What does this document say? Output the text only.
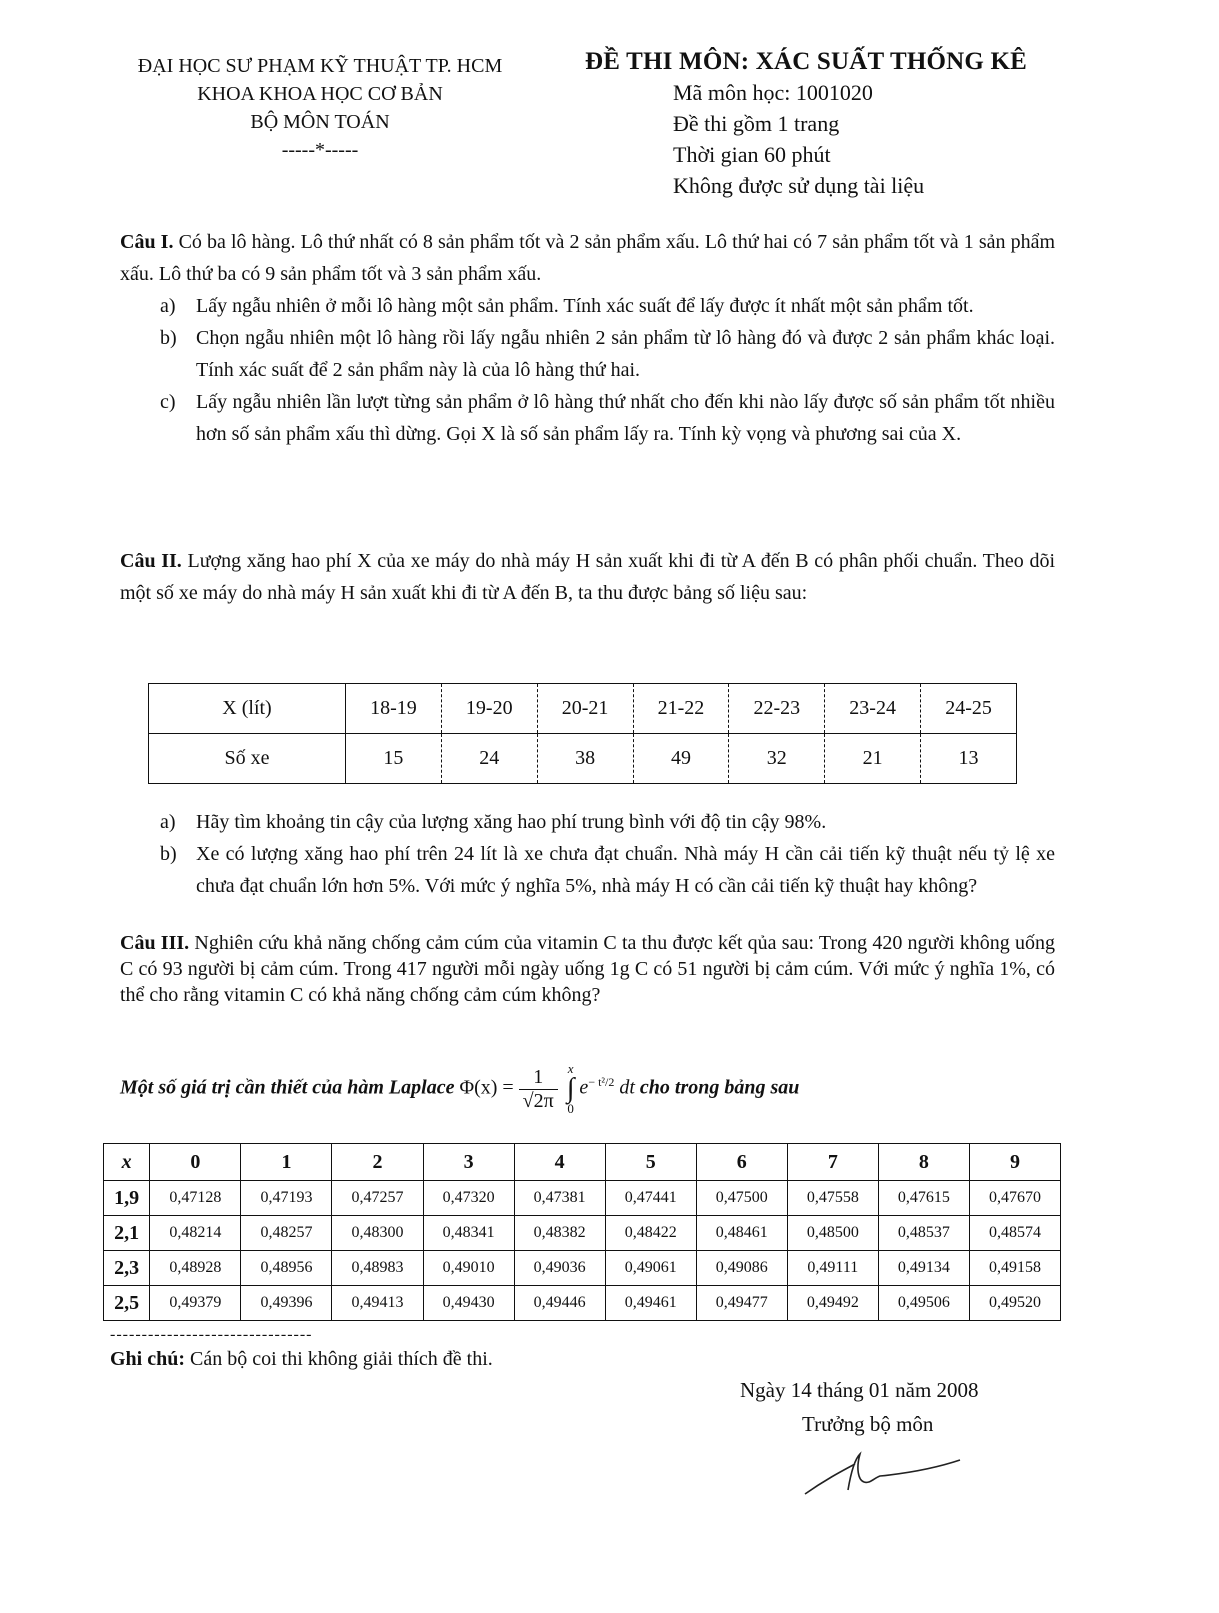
ĐẠI HỌC SƯ PHẠM KỸ THUẬT TP. HCM
KHOA KHOA HỌC CƠ BẢN
BỘ MÔN TOÁN
-----*-----
ĐỀ THI MÔN: XÁC SUẤT THỐNG KÊ
Mã môn học: 1001020
Đề thi gồm 1 trang
Thời gian 60 phút
Không được sử dụng tài liệu
Câu I. Có ba lô hàng. Lô thứ nhất có 8 sản phẩm tốt và 2 sản phẩm xấu. Lô thứ hai có 7 sản phẩm tốt và 1 sản phẩm xấu. Lô thứ ba có 9 sản phẩm tốt và 3 sản phẩm xấu.
a)	Lấy ngẫu nhiên ở mỗi lô hàng một sản phẩm. Tính xác suất để lấy được ít nhất một sản phẩm tốt.
b) Chọn ngẫu nhiên một lô hàng rồi lấy ngẫu nhiên 2 sản phẩm từ lô hàng đó và được 2 sản phẩm khác loại. Tính xác suất để 2 sản phẩm này là của lô hàng thứ hai.
c)	Lấy ngẫu nhiên lần lượt từng sản phẩm ở lô hàng thứ nhất cho đến khi nào lấy được số sản phẩm tốt nhiều hơn số sản phẩm xấu thì dừng. Gọi X là số sản phẩm lấy ra. Tính kỳ vọng và phương sai của X.
Câu II. Lượng xăng hao phí X của xe máy do nhà máy H sản xuất khi đi từ A đến B có phân phối chuẩn. Theo dõi một số xe máy do nhà máy H sản xuất khi đi từ A đến B, ta thu được bảng số liệu sau:
X (lít)	18-19	19-20	20-21	21-22	22-23	23-24	24-25
Số xe	15	24	38	49	32	21	13
a)	Hãy tìm khoảng tin cậy của lượng xăng hao phí trung bình với độ tin cậy 98%.
b) Xe có lượng xăng hao phí trên 24 lít là xe chưa đạt chuẩn. Nhà máy H cần cải tiến kỹ thuật nếu tỷ lệ xe chưa đạt chuẩn lớn hơn 5%. Với mức ý nghĩa 5%, nhà máy H có cần cải tiến kỹ thuật hay không?
Câu III. Nghiên cứu khả năng chống cảm cúm của vitamin C ta thu được kết qủa sau: Trong 420 người không uống C có 93 người bị cảm cúm. Trong 417 người mỗi ngày uống 1g C có 51 người bị cảm cúm. Với mức ý nghĩa 1%, có thể cho rằng vitamin C có khả năng chống cảm cúm không?
Một số giá trị cần thiết của hàm Laplace $\Phi(x) = \frac{1}{√2\pi}$
x
∫
0
$e^{- t^2/2}$ dt cho trong bảng sau
x	0	1	2	3	4	5	6	7	8	9
1,9	0,47128	0,47193	0,47257	0,47320	0,47381	0,47441	0,47500	0,47558	0,47615	0,47670
2,1	0,48214	0,48257	0,48300	0,48341	0,48382	0,48422	0,48461	0,48500	0,48537	0,48574
2,3	0,48928	0,48956	0,48983	0,49010	0,49036	0,49061	0,49086	0,49111	0,49134	0,49158
2,5	0,49379	0,49396	0,49413	0,49430	0,49446	0,49461	0,49477	0,49492	0,49506	0,49520
--------------------------------
Ghi chú: Cán bộ coi thi không giải thích đề thi.
Ngày 14 tháng 01 năm 2008
Trưởng bộ môn
